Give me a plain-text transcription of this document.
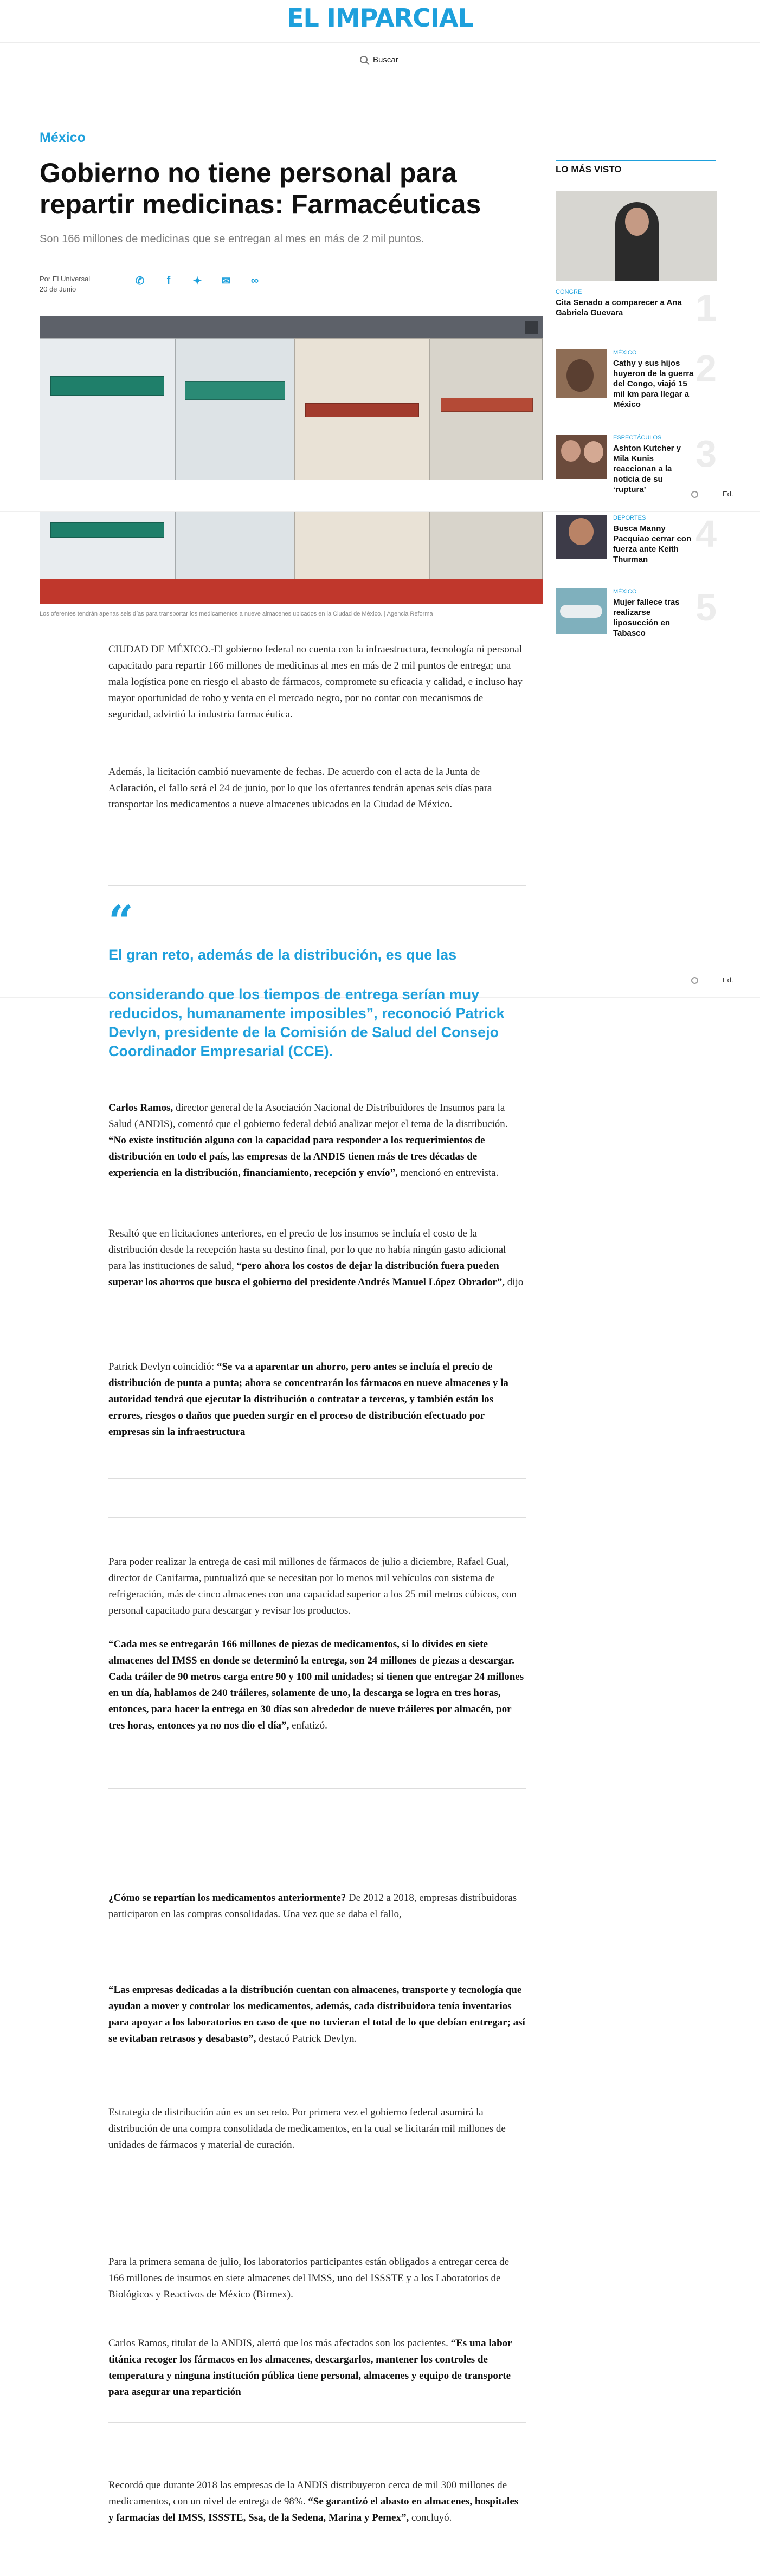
EL IMPARCIAL
Buscar
México
Gobierno no tiene personal para repartir medicinas: Farmacéuticas
Son 166 millones de medicinas que se entregan al mes en más de 2 mil puntos.
Por El Universal
20 de Junio
✆	f	✦ ✉ ∞
Ed.
Los oferentes tendrán apenas seis días para transportar los medicamentos a nueve almacenes ubicados en la Ciudad de México. | Agencia Reforma
LO MÁS VISTO
CONGRE
Cita Senado a comparecer a Ana Gabriela Guevara	1
MÉXICO
Cathy y sus hijos huyeron de la guerra del Congo, viajó 15 mil km para llegar a México
2
ESPECTÁCULOS
Ashton Kutcher y Mila Kunis reaccionan a la noticia de su ‘ruptura’
3
DEPORTES
Busca Manny Pacquiao cerrar con fuerza ante Keith Thurman
4
MÉXICO
Mujer fallece tras realizarse liposucción en Tabasco
5

CIUDAD DE MÉXICO.-El gobierno federal no cuenta con la infraestructura, tecnología ni personal capacitado para repartir 166 millones de medicinas al mes en más de 2 mil puntos de entrega; una mala logística pone en riesgo el abasto de fármacos, compromete su eficacia y calidad, e incluso hay mayor oportunidad de robo y venta en el mercado negro, por no contar con mecanismos de seguridad, advirtió la industria farmacéutica.

Además, la licitación cambió nuevamente de fechas. De acuerdo con el acta de la Junta de Aclaración, el fallo será el 24 de junio, por lo que los ofertantes tendrán apenas seis días para transportar los medicamentos a nueve almacenes ubicados en la Ciudad de México.

“

El gran reto, además de la distribución, es que las

Ed.

considerando que los tiempos de entrega serían muy reducidos, humanamente imposibles”, reconoció Patrick Devlyn, presidente de la Comisión de Salud del Consejo Coordinador Empresarial (CCE).

Carlos Ramos, director general de la Asociación Nacional de Distribuidores de Insumos para la Salud (ANDIS), comentó que el gobierno federal debió analizar mejor el tema de la distribución. “No existe institución alguna con la capacidad para responder a los requerimientos de distribución en todo el país, las empresas de la ANDIS tienen más de tres décadas de experiencia en la distribución, financiamiento, recepción y envío”, mencionó en entrevista.

Resaltó que en licitaciones anteriores, en el precio de los insumos se incluía el costo de la distribución desde la recepción hasta su destino final, por lo que no había ningún gasto adicional para las instituciones de salud, “pero ahora los costos de dejar la distribución fuera pueden superar los ahorros que busca el gobierno del presidente Andrés Manuel López Obrador”, dijo

Patrick Devlyn coincidió: “Se va a aparentar un ahorro, pero antes se incluía el precio de distribución de punta a punta; ahora se concentrarán los fármacos en nueve almacenes y la autoridad tendrá que ejecutar la distribución o contratar a terceros, y también están los errores, riesgos o daños que pueden surgir en el proceso de distribución efectuado por empresas sin la infraestructura

Para poder realizar la entrega de casi mil millones de fármacos de julio a diciembre, Rafael Gual, director de Canifarma, puntualizó que se necesitan por lo menos mil vehículos con sistema de refrigeración, más de cinco almacenes con una capacidad superior a los 25 mil metros cúbicos, con personal capacitado para descargar y revisar los productos.

“Cada mes se entregarán 166 millones de piezas de medicamentos, si lo divides en siete almacenes del IMSS en donde se determinó la entrega, son 24 millones de piezas a descargar. Cada tráiler de 90 metros carga entre 90 y 100 mil unidades; si tienen que entregar 24 millones en un día, hablamos de 240 tráileres, solamente de uno, la descarga se logra en tres horas, entonces, para hacer la entrega en 30 días son alrededor de nueve tráileres por almacén, por tres horas, entonces ya no nos dio el día”, enfatizó.

¿Cómo se repartían los medicamentos anteriormente? De 2012 a 2018, empresas distribuidoras participaron en las compras consolidadas. Una vez que se daba el fallo,

“Las empresas dedicadas a la distribución cuentan con almacenes, transporte y tecnología que ayudan a mover y controlar los medicamentos, además, cada distribuidora tenía inventarios para apoyar a los laboratorios en caso de que no tuvieran el total de lo que debían entregar; así se evitaban retrasos y desabasto”, destacó Patrick Devlyn.

Estrategia de distribución aún es un secreto. Por primera vez el gobierno federal asumirá la distribución de una compra consolidada de medicamentos, en la cual se licitarán mil millones de unidades de fármacos y material de curación.

Para la primera semana de julio, los laboratorios participantes están obligados a entregar cerca de 166 millones de insumos en siete almacenes del IMSS, uno del ISSSTE y a los Laboratorios de Biológicos y Reactivos de México (Birmex).

Carlos Ramos, titular de la ANDIS, alertó que los más afectados son los pacientes. “Es una labor titánica recoger los fármacos en los almacenes, descargarlos, mantener los controles de temperatura y ninguna institución pública tiene personal, almacenes y equipo de transporte para asegurar una repartición

Recordó que durante 2018 las empresas de la ANDIS distribuyeron cerca de mil 300 millones de medicamentos, con un nivel de entrega de 98%. “Se garantizó el abasto en almacenes, hospitales y farmacias del IMSS, ISSSTE, Ssa, de la Sedena, Marina y Pemex”, concluyó.
